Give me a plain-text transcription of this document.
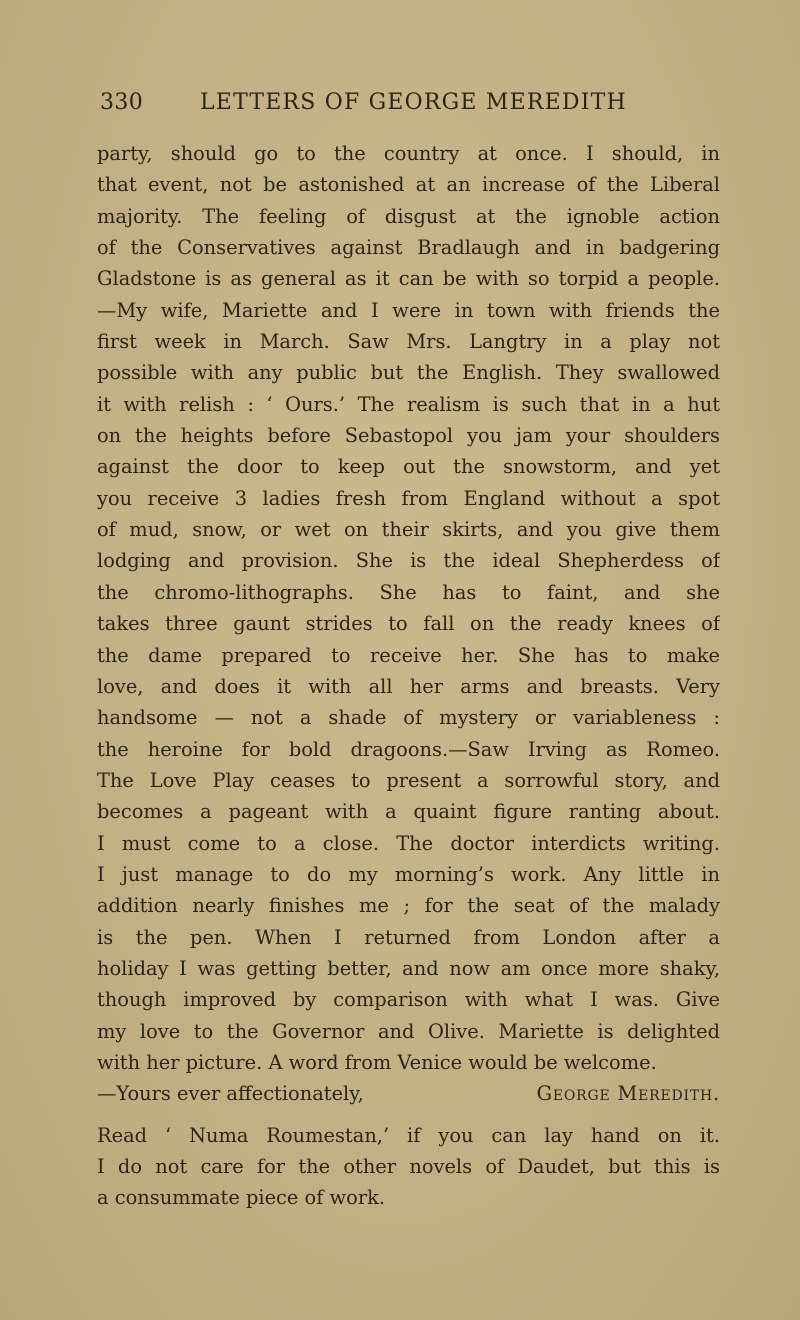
330	LETTERS OF GEORGE MEREDITH
party, should go to the country at once. I should, in
that event, not be astonished at an increase of the Liberal
majority. The feeling of disgust at the ignoble action
of the Conservatives against Bradlaugh and in badgering
Gladstone is as general as it can be with so torpid a people.
—My wife, Mariette and I were in town with friends the
first week in March. Saw Mrs. Langtry in a play not
possible with any public but the English. They swallowed
it with relish : ‘ Ours.’ The realism is such that in a hut
on the heights before Sebastopol you jam your shoulders
against the door to keep out the snowstorm, and yet
you receive 3 ladies fresh from England without a spot
of mud, snow, or wet on their skirts, and you give them
lodging and provision. She is the ideal Shepherdess of
the chromo-lithographs. She has to faint, and she
takes three gaunt strides to fall on the ready knees of
the dame prepared to receive her. She has to make
love, and does it with all her arms and breasts. Very
handsome — not a shade of mystery or variableness :
the heroine for bold dragoons.—Saw Irving as Romeo.
The Love Play ceases to present a sorrowful story, and
becomes a pageant with a quaint figure ranting about.
I must come to a close. The doctor interdicts writing.
I just manage to do my morning’s work. Any little in
addition nearly finishes me ; for the seat of the malady
is the pen. When I returned from London after a
holiday I was getting better, and now am once more shaky,
though improved by comparison with what I was. Give
my love to the Governor and Olive. Mariette is delighted
with her picture. A word from Venice would be welcome.
—Yours ever affectionately,	George Meredith.
Read ‘ Numa Roumestan,’ if you can lay hand on it.
I do not care for the other novels of Daudet, but this is
a consummate piece of work.
